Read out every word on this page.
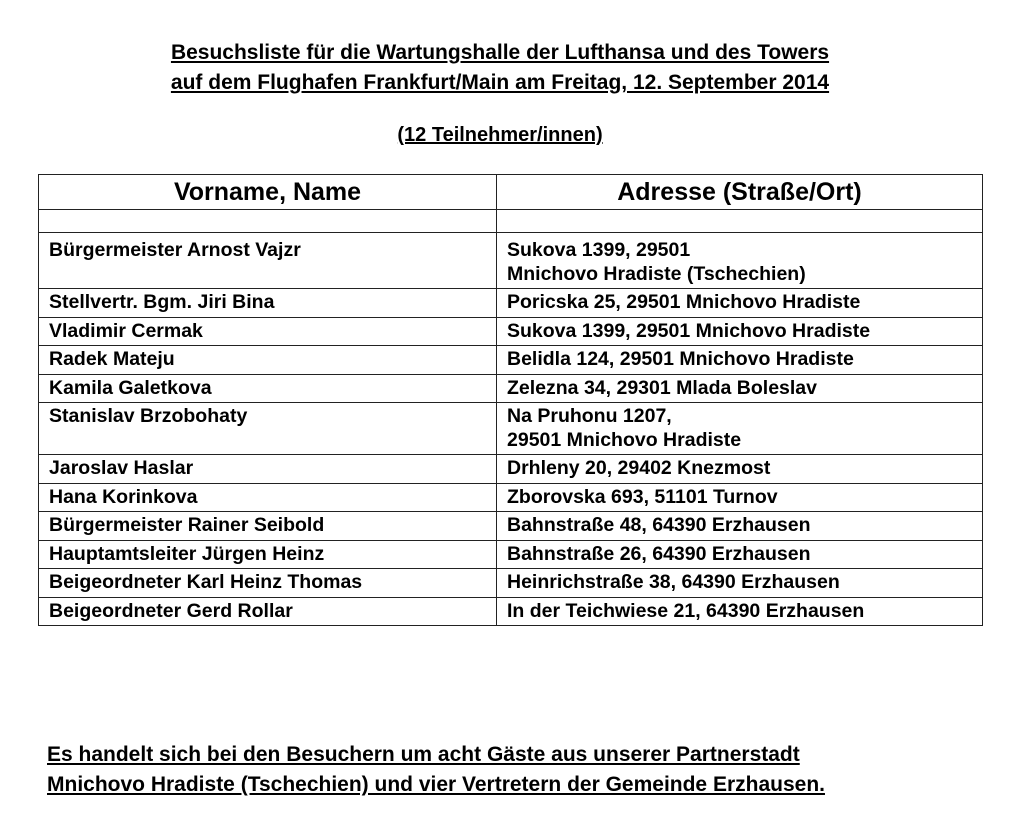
Besuchsliste für die Wartungshalle der Lufthansa und des Towers
auf dem Flughafen Frankfurt/Main am Freitag, 12. September 2014
(12 Teilnehmer/innen)
Vorname, Name	Adresse (Straße/Ort)

Bürgermeister Arnost Vajzr	Sukova 1399, 29501
Mnichovo Hradiste (Tschechien)

Stellvertr. Bgm. Jiri Bina	Poricska 25, 29501 Mnichovo Hradiste

Vladimir Cermak	Sukova 1399, 29501 Mnichovo Hradiste

Radek Mateju	Belidla 124, 29501 Mnichovo Hradiste

Kamila Galetkova	Zelezna 34, 29301 Mlada Boleslav

Stanislav Brzobohaty	Na Pruhonu 1207,
29501 Mnichovo Hradiste

Jaroslav Haslar	Drhleny 20, 29402 Knezmost

Hana Korinkova	Zborovska 693, 51101 Turnov

Bürgermeister Rainer Seibold	Bahnstraße 48, 64390 Erzhausen

Hauptamtsleiter Jürgen Heinz	Bahnstraße 26, 64390 Erzhausen

Beigeordneter Karl Heinz Thomas	Heinrichstraße 38, 64390 Erzhausen

Beigeordneter Gerd Rollar	In der Teichwiese 21, 64390 Erzhausen
Es handelt sich bei den Besuchern um acht Gäste aus unserer Partnerstadt
Mnichovo Hradiste (Tschechien) und vier Vertretern der Gemeinde Erzhausen.
